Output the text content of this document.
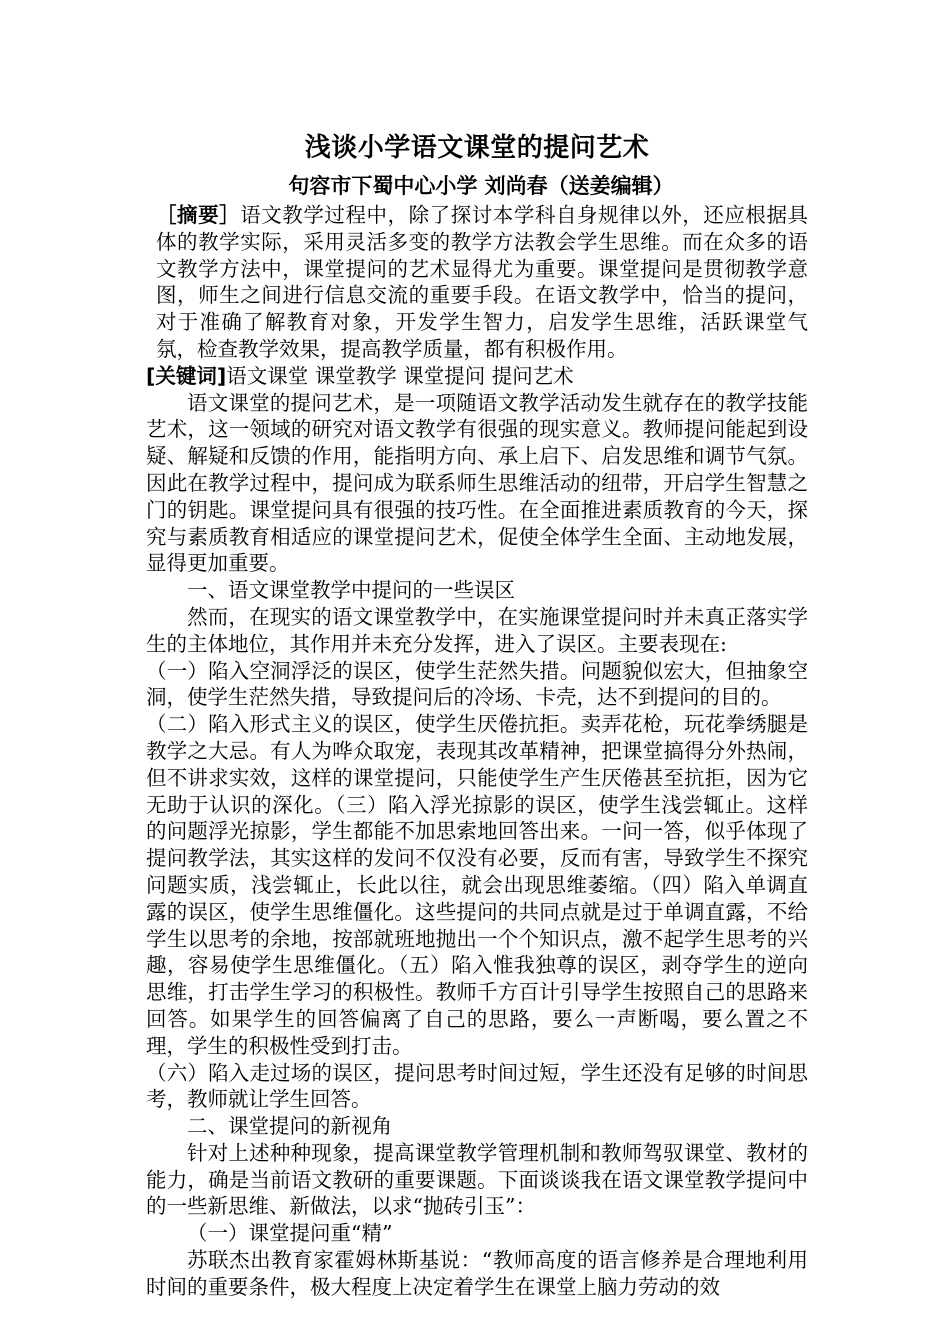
浅谈小学语文课堂的提问艺术

句容市下蜀中心小学 刘尚春（送姜编辑）

［摘要］语文教学过程中，除了探讨本学科自身规律以外，还应根据具体的教学实际，采用灵活多变的教学方法教会学生思维。而在众多的语文教学方法中，课堂提问的艺术显得尤为重要。课堂提问是贯彻教学意图，师生之间进行信息交流的重要手段。在语文教学中，恰当的提问，对于准确了解教育对象，开发学生智力，启发学生思维，活跃课堂气氛，检查教学效果，提高教学质量，都有积极作用。

[关键词]语文课堂 课堂教学 课堂提问 提问艺术

语文课堂的提问艺术，是一项随语文教学活动发生就存在的教学技能艺术，这一领域的研究对语文教学有很强的现实意义。教师提问能起到设疑、解疑和反馈的作用，能指明方向、承上启下、启发思维和调节气氛。因此在教学过程中，提问成为联系师生思维活动的纽带，开启学生智慧之门的钥匙。课堂提问具有很强的技巧性。在全面推进素质教育的今天，探究与素质教育相适应的课堂提问艺术，促使全体学生全面、主动地发展，显得更加重要。

一、语文课堂教学中提问的一些误区

然而，在现实的语文课堂教学中，在实施课堂提问时并未真正落实学生的主体地位，其作用并未充分发挥，进入了误区。主要表现在:

（一）陷入空洞浮泛的误区，使学生茫然失措。问题貌似宏大，但抽象空洞，使学生茫然失措，导致提问后的冷场、卡壳，达不到提问的目的。

（二）陷入形式主义的误区，使学生厌倦抗拒。卖弄花枪，玩花拳绣腿是教学之大忌。有人为哗众取宠，表现其改革精神，把课堂搞得分外热闹，但不讲求实效，这样的课堂提问，只能使学生产生厌倦甚至抗拒，因为它无助于认识的深化。（三）陷入浮光掠影的误区，使学生浅尝辄止。这样的问题浮光掠影，学生都能不加思索地回答出来。一问一答，似乎体现了提问教学法，其实这样的发问不仅没有必要，反而有害，导致学生不探究问题实质，浅尝辄止，长此以往，就会出现思维萎缩。（四）陷入单调直露的误区，使学生思维僵化。这些提问的共同点就是过于单调直露，不给学生以思考的余地，按部就班地抛出一个个知识点，激不起学生思考的兴趣，容易使学生思维僵化。（五）陷入惟我独尊的误区，剥夺学生的逆向思维，打击学生学习的积极性。教师千方百计引导学生按照自己的思路来回答。如果学生的回答偏离了自己的思路，要么一声断喝，要么置之不理，学生的积极性受到打击。

（六）陷入走过场的误区，提问思考时间过短，学生还没有足够的时间思考，教师就让学生回答。

二、课堂提问的新视角

针对上述种种现象，提高课堂教学管理机制和教师驾驭课堂、教材的能力，确是当前语文教研的重要课题。下面谈谈我在语文课堂教学提问中的一些新思维、新做法，以求“抛砖引玉”：

（一）课堂提问重“精”

苏联杰出教育家霍姆林斯基说：“教师高度的语言修养是合理地利用时间的重要条件，极大程度上决定着学生在课堂上脑力劳动的效
